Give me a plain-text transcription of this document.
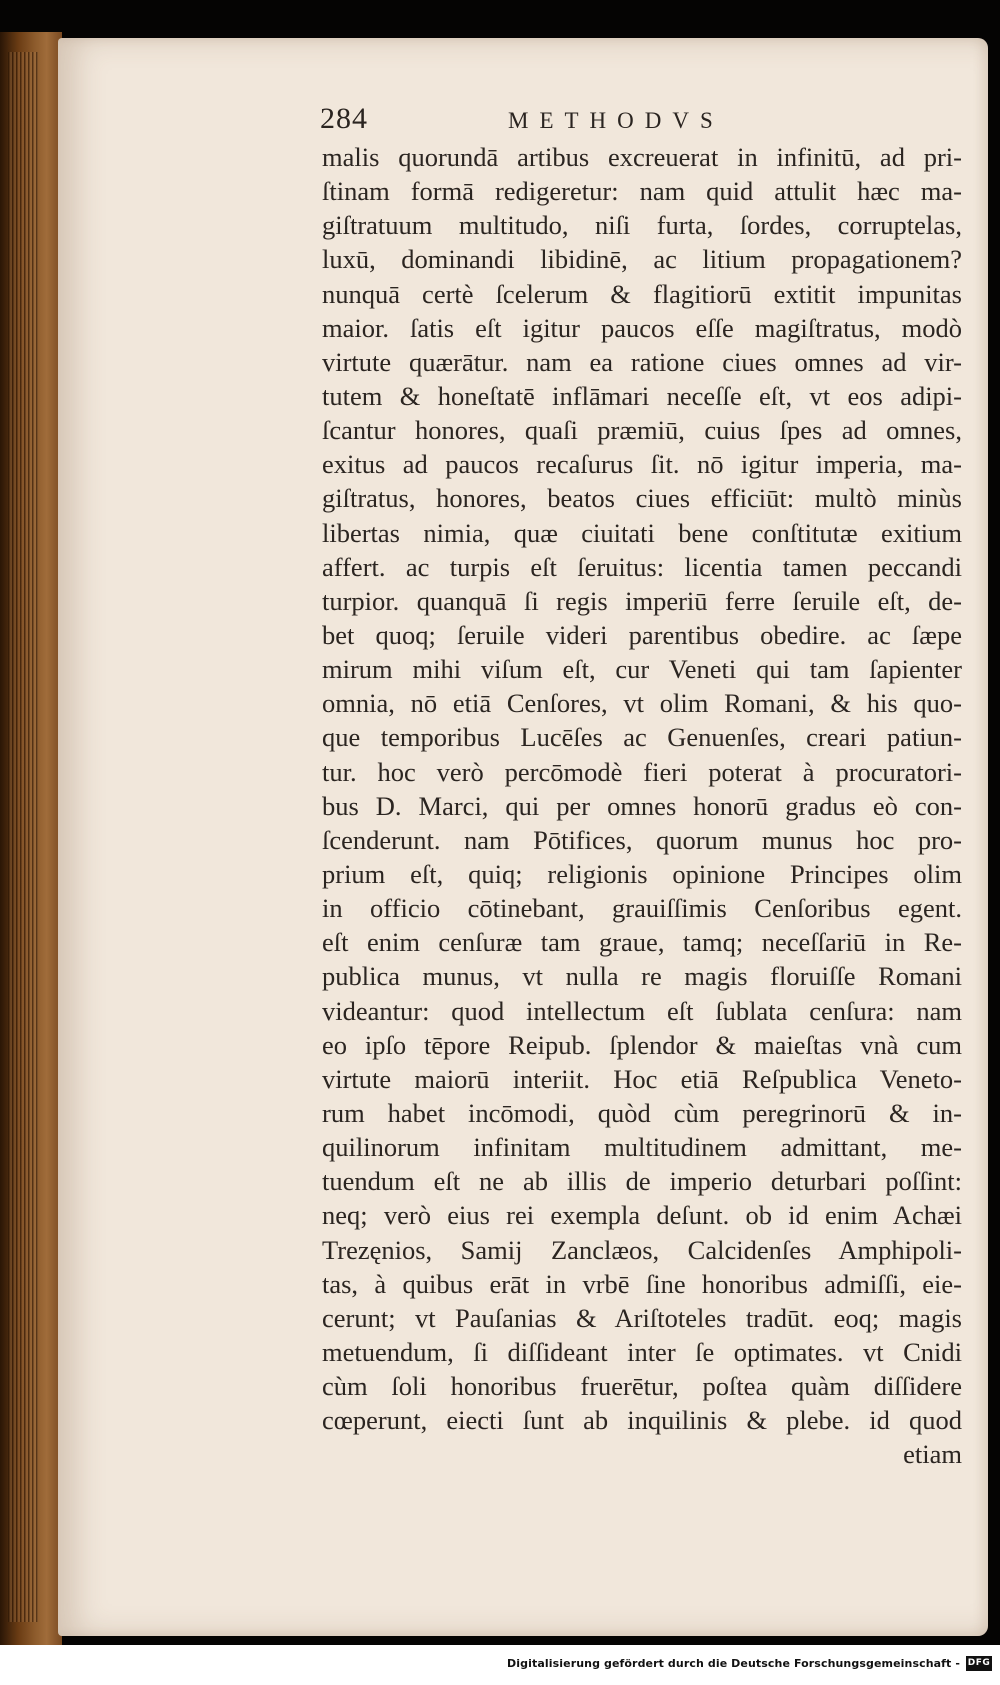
284	METHODVS
malis quorundā artibus excreuerat in infinitū, ad pri-
ſtinam formā redigeretur: nam quid attulit hæc ma-
giſtratuum multitudo, niſi furta, ſordes, corruptelas,
luxū, dominandi libidinē, ac litium propagationem?
nunquā certè ſcelerum & flagitiorū extitit impunitas
maior. ſatis eſt igitur paucos eſſe magiſtratus, modò
virtute quærātur. nam ea ratione ciues omnes ad vir-
tutem & honeſtatē inflāmari neceſſe eſt, vt eos adipi-
ſcantur honores, quaſi præmiū, cuius ſpes ad omnes,
exitus ad paucos recaſurus ſit. nō igitur imperia, ma-
giſtratus, honores, beatos ciues efficiūt: multò minùs
libertas nimia, quæ ciuitati bene conſtitutæ exitium
affert. ac turpis eſt ſeruitus: licentia tamen peccandi
turpior. quanquā ſi regis imperiū ferre ſeruile eſt, de-
bet quoq; ſeruile videri parentibus obedire. ac ſæpe
mirum mihi viſum eſt, cur Veneti qui tam ſapienter
omnia, nō etiā Cenſores, vt olim Romani, & his quo-
que temporibus Lucēſes ac Genuenſes, creari patiun-
tur. hoc verò percōmodè fieri poterat à procuratori-
bus D. Marci, qui per omnes honorū gradus eò con-
ſcenderunt. nam Pōtifices, quorum munus hoc pro-
prium eſt, quiq; religionis opinione Principes olim
in officio cōtinebant, grauiſſimis Cenſoribus egent.
eſt enim cenſuræ tam graue, tamq; neceſſariū in Re-
publica munus, vt nulla re magis floruiſſe Romani
videantur: quod intellectum eſt ſublata cenſura: nam
eo ipſo tēpore Reipub. ſplendor & maieſtas vnà cum
virtute maiorū interiit. Hoc etiā Reſpublica Veneto-
rum habet incōmodi, quòd cùm peregrinorū & in-
quilinorum infinitam multitudinem admittant, me-
tuendum eſt ne ab illis de imperio deturbari poſſint:
neq; verò eius rei exempla deſunt. ob id enim Achæi
Trezęnios, Samij Zanclæos, Calcidenſes Amphipoli-
tas, à quibus erāt in vrbē ſine honoribus admiſſi, eie-
cerunt; vt Pauſanias & Ariſtoteles tradūt. eoq; magis
metuendum, ſi diſſideant inter ſe optimates. vt Cnidi
cùm ſoli honoribus fruerētur, poſtea quàm diſſidere
cœperunt, eiecti ſunt ab inquilinis & plebe. id quod
etiam
Digitalisierung gefördert durch die Deutsche Forschungsgemeinschaft - DFG
